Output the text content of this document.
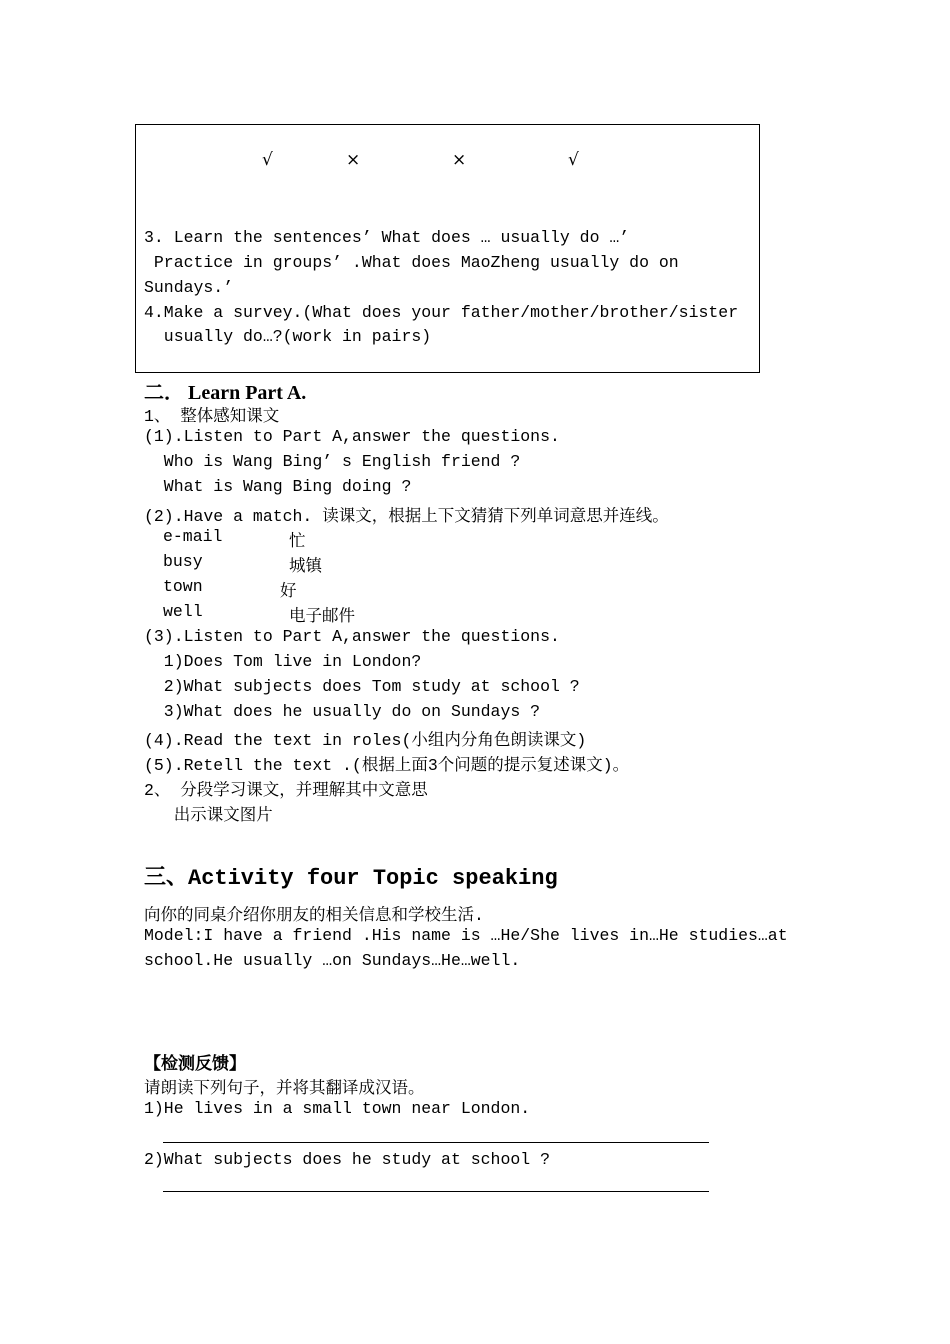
√	×	×	√
3. Learn the sentences’ What does … usually do …’
Practice in groups’ .What does MaoZheng usually do on
Sundays.’
4.Make a survey.(What does your father/mother/brother/sister
usually do…?(work in pairs)
二． Learn Part A.
1、 整体感知课文
(1).Listen to Part A,answer the questions.
Who is Wang Bing’ s English friend ?
What is Wang Bing doing ?
(2).Have a match. 读课文，根据上下文猜猜下列单词意思并连线。
e-mail	忙
busy	城镇
town	好
well	电子邮件
(3).Listen to Part A,answer the questions.
1)Does Tom live in London?
2)What subjects does Tom study at school ?
3)What does he usually do on Sundays ?
(4).Read the text in roles(小组内分角色朗读课文)
(5).Retell the text .(根据上面3个问题的提示复述课文)。
2、 分段学习课文，并理解其中文意思
出示课文图片
三、Activity four Topic speaking
向你的同桌介绍你朋友的相关信息和学校生活.
Model:I have a friend .His name is …He/She lives in…He studies…at
school.He usually …on Sundays…He…well.
【检测反馈】
请朗读下列句子，并将其翻译成汉语。
1)He lives in a small town near London.
2)What subjects does he study at school ?
